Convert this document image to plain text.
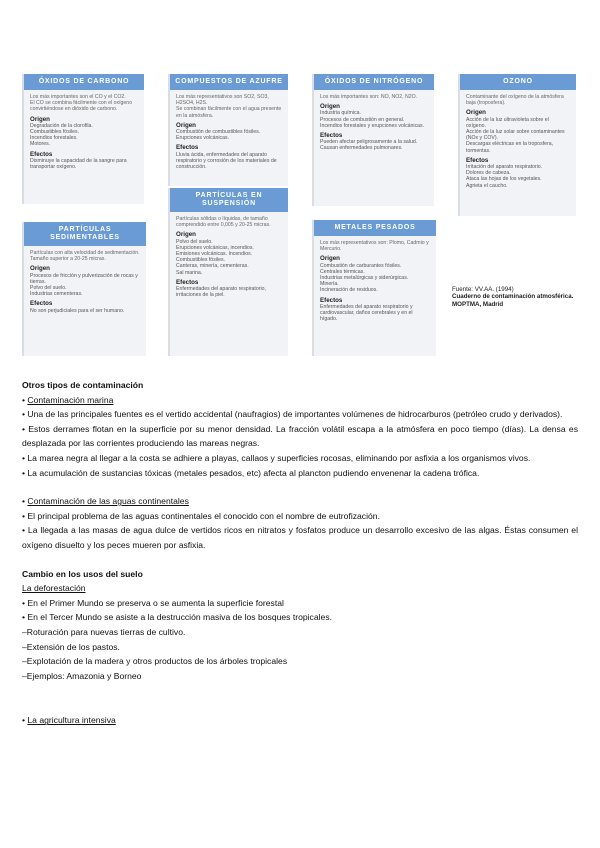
ÓXIDOS DE CARBONO

Los más importantes son el CO y el CO2.

El CO se combina fácilmente con el oxígeno convirtiéndose en dióxido de carbono.

Origen

Degradación de la clorofila.

Combustibles fósiles.

Incendios forestales.

Motores.

Efectos

Disminuye la capacidad de la sangre para transportar oxígeno.

COMPUESTOS DE AZUFRE

Los más representativos son SO2, SO3, H2SO4, H2S.

Se combinan fácilmente con el agua presente en la atmósfera.

Origen

Combustión de combustibles fósiles.

Erupciones volcánicas.

Efectos

Lluvia ácida, enfermedades del aparato respiratorio y corrosión de los materiales de construcción.

ÓXIDOS DE NITRÓGENO

Los más importantes son: NO, NO2, N2O.

Origen

Industria química.

Procesos de combustión en general.

Incendios forestales y erupciones volcánicas.

Efectos

Pueden afectar peligrosamente a la salud.

Causan enfermedades pulmonares.

OZONO

Contaminante del oxígeno de la atmósfera baja (troposfera).

Origen

Acción de la luz ultravioleta sobre el oxígeno.

Acción de la luz solar sobre contaminantes (NOx y COV).

Descargas eléctricas en la troposfera, tormentas.

Efectos

Irritación del aparato respiratorio.

Dolores de cabeza.

Ataca las hojas de los vegetales.

Agrieta el caucho.

PARTÍCULAS SEDIMENTABLES

Partículas con alta velocidad de sedimentación.

Tamaño superior a 20-25 micras.

Origen

Procesos de fricción y pulverización de rocas y tierras.

Polvo del suelo.

Industrias cementeras.

Efectos

No son perjudiciales para el ser humano.

PARTÍCULAS EN SUSPENSIÓN

Partículas sólidas o líquidas, de tamaño comprendido entre 0,005 y 20-25 micras.

Origen

Polvo del suelo.

Erupciones volcánicas, incendios.

Emisiones volcánicas. Incendios.

Combustibles fósiles.

Canteras, minería, cementeras.

Sal marina.

Efectos

Enfermedades del aparato respiratorio, irritaciones de la piel.

METALES PESADOS

Los más representativos son: Plomo, Cadmio y Mercurio.

Origen

Combustión de carburantes fósiles.

Centrales térmicas.

Industrias metalúrgicas y siderúrgicas.

Minería.

Incineración de residuos.

Efectos

Enfermedades del aparato respiratorio y cardiovascular, daños cerebrales y en el hígado.

Fuente: VV.AA. (1994)
Cuaderno de contaminación atmosférica. MOPTMA, Madrid

Otros tipos de contaminación

• Contaminación marina

• Una de las principales fuentes es el vertido accidental (naufragios) de importantes volúmenes de hidrocarburos (petróleo crudo y derivados).

• Estos derrames flotan en la superficie por su menor densidad. La fracción volátil escapa a la atmósfera en poco tiempo (días). La densa es desplazada por las corrientes produciendo las mareas negras.

• La marea negra al llegar a la costa se adhiere a playas, callaos y superficies rocosas, eliminando por asfixia a los organismos vivos.

• La acumulación de sustancias tóxicas (metales pesados, etc) afecta al plancton pudiendo envenenar la cadena trófica.

• Contaminación de las aguas continentales

• El principal problema de las aguas continentales el conocido con el nombre de eutrofización.

• La llegada a las masas de agua dulce de vertidos ricos en nitratos y fosfatos produce un desarrollo excesivo de las algas. Éstas consumen el oxígeno disuelto y los peces mueren por asfixia.

Cambio en los usos del suelo

La deforestación

• En el Primer Mundo se preserva o se aumenta la superficie forestal

• En el Tercer Mundo se asiste a la destrucción masiva de los bosques tropicales.

–Roturación para nuevas tierras de cultivo.

–Extensión de los pastos.

–Explotación de la madera y otros productos de los árboles tropicales

–Ejemplos: Amazonia y Borneo

• La agricultura intensiva
